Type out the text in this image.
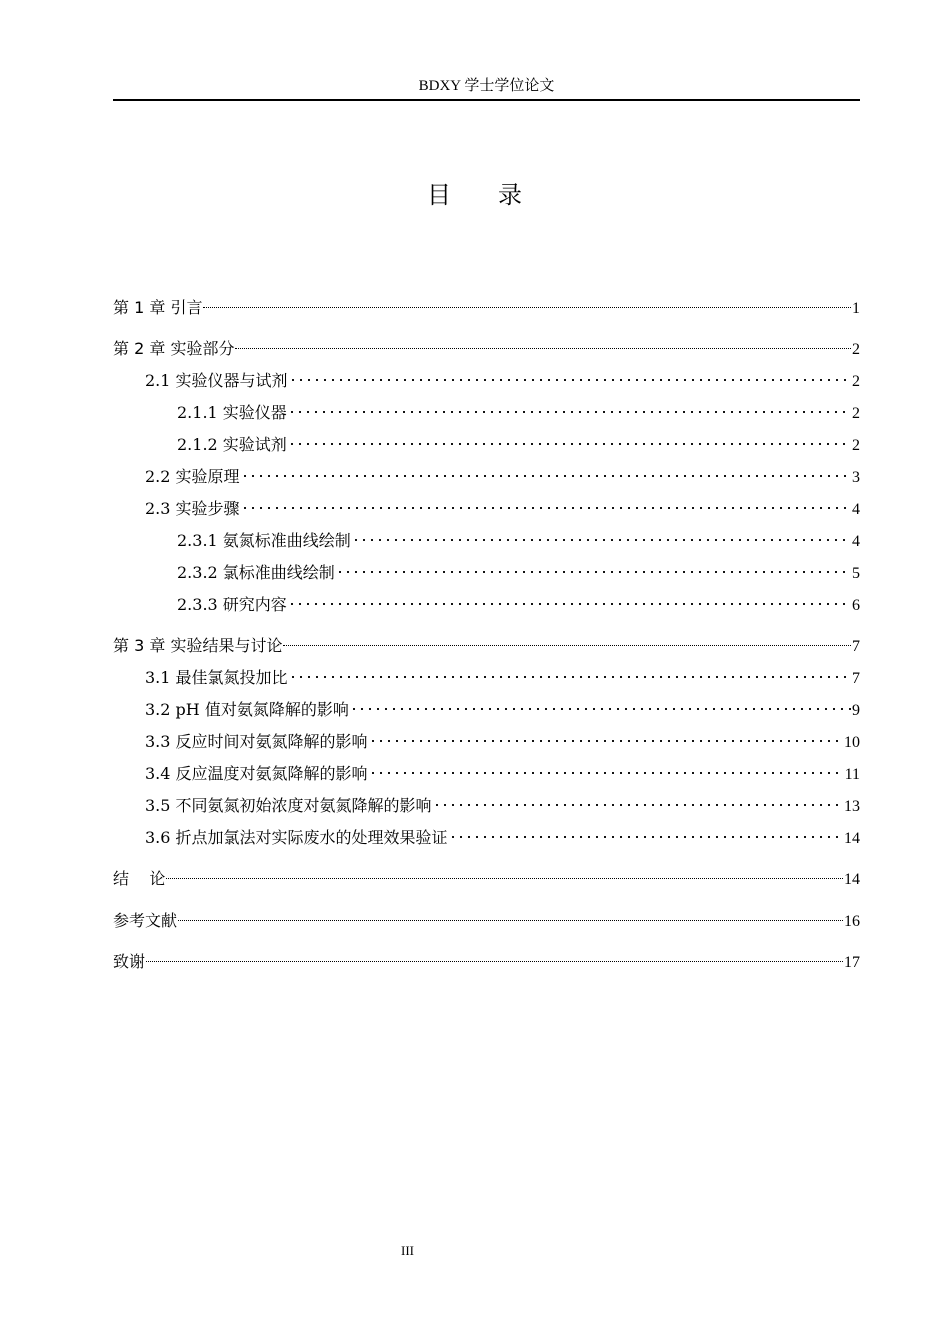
BDXY 学士学位论文
目 录
第 1 章 引言	1
第 2 章 实验部分	2
2.1 实验仪器与试剂	2
2.1.1 实验仪器	2
2.1.2 实验试剂	2
2.2 实验原理	3
2.3 实验步骤	4
2.3.1 氨氮标准曲线绘制	4
2.3.2 氯标准曲线绘制	5
2.3.3 研究内容	6
第 3 章 实验结果与讨论	7
3.1 最佳氯氮投加比	7
3.2 pH 值对氨氮降解的影响	9
3.3 反应时间对氨氮降解的影响	10
3.4 反应温度对氨氮降解的影响	11
3.5 不同氨氮初始浓度对氨氮降解的影响	13
3.6 折点加氯法对实际废水的处理效果验证	14
结    论	14
参考文献	16
致谢	17
III
